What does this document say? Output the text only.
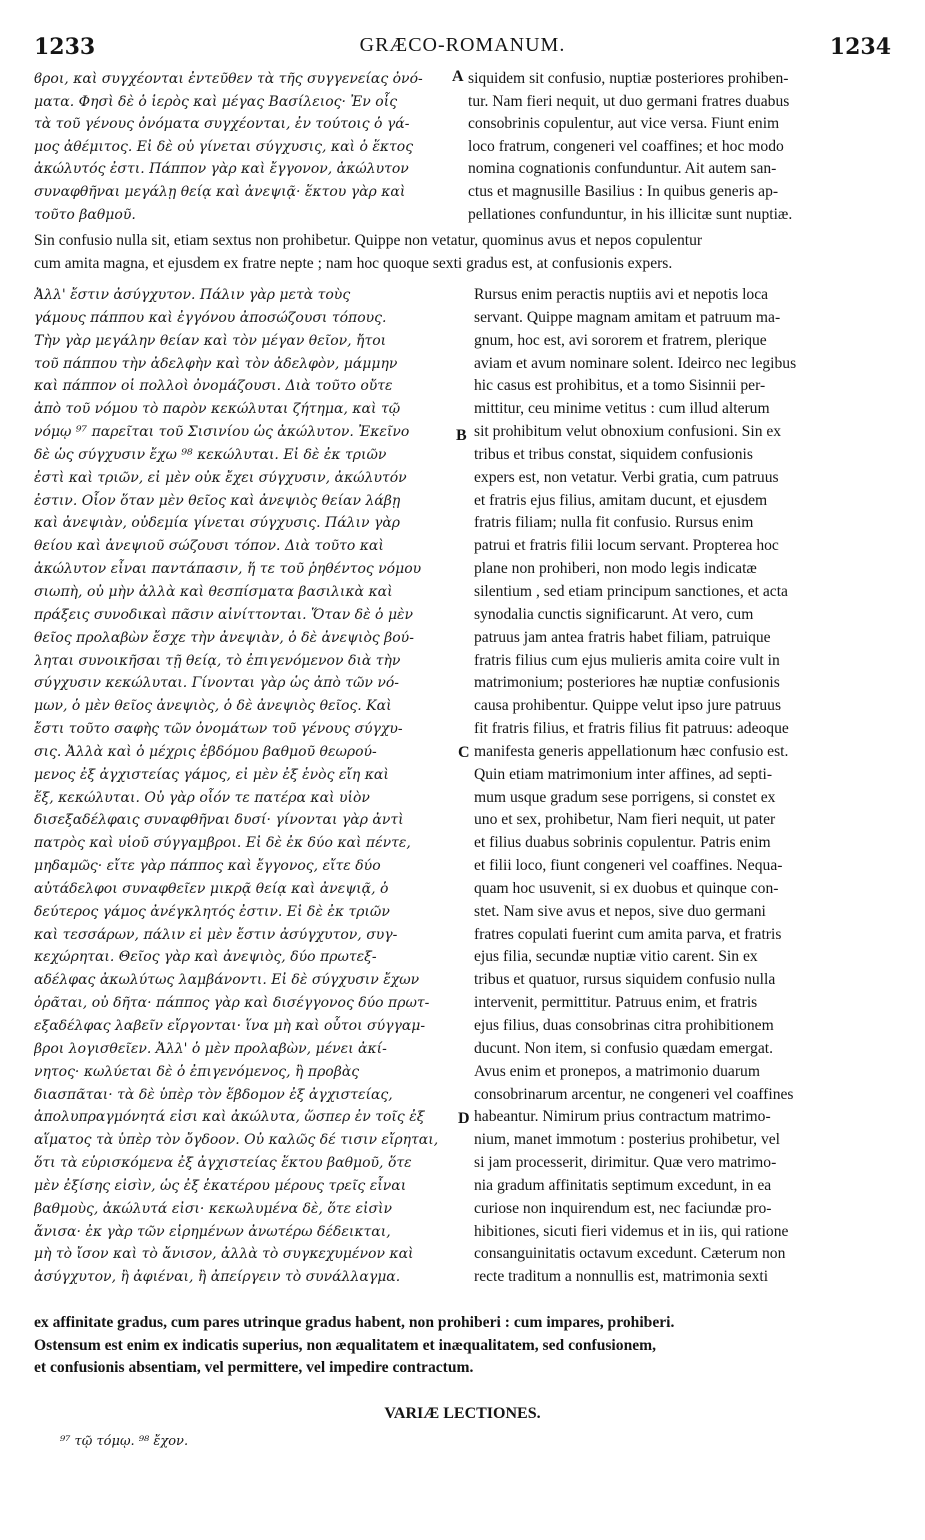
1233	GRÆCO-ROMANUM.	1234
ϐροι, καὶ συγχέονται ἐντεῦθεν τὰ τῆς συγγενείας ὀνό-
ματα. Φησὶ δὲ ὁ ἱερὸς καὶ μέγας Βασίλειος· Ἐν οἷς
τὰ τοῦ γένους ὀνόματα συγχέονται, ἐν τούτοις ὁ γά-
μος ἀθέμιτος. Εἰ δὲ οὐ γίνεται σύγχυσις, καὶ ὁ ἕκτος
ἀκώλυτός ἐστι. Πάππον γὰρ καὶ ἔγγονον, ἀκώλυτον
συναφθῆναι μεγάλῃ θείᾳ καὶ ἀνεψιᾷ· ἕκτου γὰρ καὶ
τοῦτο βαθμοῦ.
siquidem sit confusio, nuptiæ posteriores prohiben-
tur. Nam fieri nequit, ut duo germani fratres duabus
consobrinis copulentur, aut vice versa. Fiunt enim
loco fratrum, congeneri vel coaffines; et hoc modo
nomina cognationis confunduntur. Ait autem san-
ctus et magnusille Basilius : In quibus generis ap-
pellationes confunduntur, in his illicitæ sunt nuptiæ.
A
Sin confusio nulla sit, etiam sextus non prohibetur. Quippe non vetatur, quominus avus et nepos copulentur
cum amita magna, et ejusdem ex fratre nepte ; nam hoc quoque sexti gradus est, at confusionis expers.
Ἀλλ' ἔστιν ἀσύγχυτον. Πάλιν γὰρ μετὰ τοὺς
γάμους πάππου καὶ ἐγγόνου ἀποσώζουσι τόπους.
Τὴν γὰρ μεγάλην θείαν καὶ τὸν μέγαν θεῖον, ἤτοι
τοῦ πάππου τὴν ἀδελφὴν καὶ τὸν ἀδελφὸν, μάμμην
καὶ πάππον οἱ πολλοὶ ὀνομάζουσι. Διὰ τοῦτο οὔτε
ἀπὸ τοῦ νόμου τὸ παρὸν κεκώλυται ζήτημα, καὶ τῷ
νόμῳ ⁹⁷ παρεῖται τοῦ Σισινίου ὡς ἀκώλυτον. Ἐκεῖνο
δὲ ὡς σύγχυσιν ἔχω ⁹⁸ κεκώλυται. Εἰ δὲ ἐκ τριῶν
ἐστὶ καὶ τριῶν, εἰ μὲν οὐκ ἔχει σύγχυσιν, ἀκώλυτόν
ἐστιν. Οἷον ὅταν μὲν θεῖος καὶ ἀνεψιὸς θείαν λάβῃ
καὶ ἀνεψιὰν, οὐδεμία γίνεται σύγχυσις. Πάλιν γὰρ
θείου καὶ ἀνεψιοῦ σώζουσι τόπον. Διὰ τοῦτο καὶ
ἀκώλυτον εἶναι παντάπασιν, ἥ τε τοῦ ῥηθέντος νόμου
σιωπὴ, οὐ μὴν ἀλλὰ καὶ θεσπίσματα βασιλικὰ καὶ
πράξεις συνοδικαὶ πᾶσιν αἰνίττονται. Ὅταν δὲ ὁ μὲν
θεῖος προλαβὼν ἔσχε τὴν ἀνεψιὰν, ὁ δὲ ἀνεψιὸς βού-
ληται συνοικῆσαι τῇ θείᾳ, τὸ ἐπιγενόμενον διὰ τὴν
σύγχυσιν κεκώλυται. Γίνονται γὰρ ὡς ἀπὸ τῶν νό-
μων, ὁ μὲν θεῖος ἀνεψιὸς, ὁ δὲ ἀνεψιὸς θεῖος. Καὶ
ἔστι τοῦτο σαφὴς τῶν ὀνομάτων τοῦ γένους σύγχυ-
σις. Ἀλλὰ καὶ ὁ μέχρις ἑβδόμου βαθμοῦ θεωρού-
μενος ἐξ ἀγχιστείας γάμος, εἰ μὲν ἐξ ἑνὸς εἴη καὶ
ἕξ, κεκώλυται. Οὐ γὰρ οἷόν τε πατέρα καὶ υἱὸν
δισεξαδέλφαις συναφθῆναι δυσί· γίνονται γὰρ ἀντὶ
πατρὸς καὶ υἱοῦ σύγγαμβροι. Εἰ δὲ ἐκ δύο καὶ πέντε,
μηδαμῶς· εἴτε γὰρ πάππος καὶ ἔγγονος, εἴτε δύο
αὐτάδελφοι συναφθεῖεν μικρᾷ θείᾳ καὶ ἀνεψιᾷ, ὁ
δεύτερος γάμος ἀνέγκλητός ἐστιν. Εἰ δὲ ἐκ τριῶν
καὶ τεσσάρων, πάλιν εἰ μὲν ἔστιν ἀσύγχυτον, συγ-
κεχώρηται. Θεῖος γὰρ καὶ ἀνεψιὸς, δύο πρωτεξ-
αδέλφας ἀκωλύτως λαμβάνοντι. Εἰ δὲ σύγχυσιν ἔχων
ὁρᾶται, οὐ δῆτα· πάππος γὰρ καὶ δισέγγονος δύο πρωτ-
εξαδέλφας λαβεῖν εἴργονται· ἵνα μὴ καὶ οὗτοι σύγγαμ-
βροι λογισθεῖεν. Ἀλλ' ὁ μὲν προλαβὼν, μένει ἀκί-
νητος· κωλύεται δὲ ὁ ἐπιγενόμενος, ἢ προβὰς
διασπᾶται· τὰ δὲ ὑπὲρ τὸν ἕβδομον ἐξ ἀγχιστείας,
ἀπολυπραγμόνητά εἰσι καὶ ἀκώλυτα, ὥσπερ ἐν τοῖς ἐξ
αἵματος τὰ ὑπὲρ τὸν ὄγδοον. Οὐ καλῶς δέ τισιν εἴρηται,
ὅτι τὰ εὑρισκόμενα ἐξ ἀγχιστείας ἕκτου βαθμοῦ, ὅτε
μὲν ἐξίσης εἰσὶν, ὡς ἐξ ἑκατέρου μέρους τρεῖς εἶναι
βαθμοὺς, ἀκώλυτά εἰσι· κεκωλυμένα δὲ, ὅτε εἰσὶν
ἄνισα· ἐκ γὰρ τῶν εἰρημένων ἀνωτέρω δέδεικται,
μὴ τὸ ἴσον καὶ τὸ ἄνισον, ἀλλὰ τὸ συγκεχυμένον καὶ
ἀσύγχυτον, ἢ ἀφιέναι, ἢ ἀπείργειν τὸ συνάλλαγμα.
Rursus enim peractis nuptiis avi et nepotis loca
servant. Quippe magnam amitam et patruum ma-
gnum, hoc est, avi sororem et fratrem, plerique
aviam et avum nominare solent. Ideirco nec legibus
hic casus est prohibitus, et a tomo Sisinnii per-
mittitur, ceu minime vetitus : cum illud alterum
sit prohibitum velut obnoxium confusioni. Sin ex
tribus et tribus constat, siquidem confusionis
expers est, non vetatur. Verbi gratia, cum patruus
et fratris ejus filius, amitam ducunt, et ejusdem
fratris filiam; nulla fit confusio. Rursus enim
patrui et fratris filii locum servant. Propterea hoc
plane non prohiberi, non modo legis indicatæ
silentium , sed etiam principum sanctiones, et acta
synodalia cunctis significarunt. At vero, cum
patruus jam antea fratris habet filiam, patruique
fratris filius cum ejus mulieris amita coire vult in
matrimonium; posteriores hæ nuptiæ confusionis
causa prohibentur. Quippe velut ipso jure patruus
fit fratris filius, et fratris filius fit patruus: adeoque
manifesta generis appellationum hæc confusio est.
Quin etiam matrimonium inter affines, ad septi-
mum usque gradum sese porrigens, si constet ex
uno et sex, prohibetur, Nam fieri nequit, ut pater
et filius duabus sobrinis copulentur. Patris enim
et filii loco, fiunt congeneri vel coaffines. Nequa-
quam hoc usuvenit, si ex duobus et quinque con-
stet. Nam sive avus et nepos, sive duo germani
fratres copulati fuerint cum amita parva, et fratris
ejus filia, secundæ nuptiæ vitio carent. Sin ex
tribus et quatuor, rursus siquidem confusio nulla
intervenit, permittitur. Patruus enim, et fratris
ejus filius, duas consobrinas citra prohibitionem
ducunt. Non item, si confusio quædam emergat.
Avus enim et pronepos, a matrimonio duarum
consobrinarum arcentur, ne congeneri vel coaffines
habeantur. Nimirum prius contractum matrimo-
nium, manet immotum : posterius prohibetur, vel
si jam processerit, dirimitur. Quæ vero matrimo-
nia gradum affinitatis septimum excedunt, in ea
curiose non inquirendum est, nec faciundæ pro-
hibitiones, sicuti fieri videmus et in iis, qui ratione
consanguinitatis octavum excedunt. Cæterum non
recte traditum a nonnullis est, matrimonia sexti
B
C
D
ex affinitate gradus, cum pares utrinque gradus habent, non prohiberi : cum impares, prohiberi.
Ostensum est enim ex indicatis superius, non æqualitatem et inæqualitatem, sed confusionem,
et confusionis absentiam, vel permittere, vel impedire contractum.
VARIÆ LECTIONES.
⁹⁷ τῷ τόμῳ. ⁹⁸ ἔχον.
